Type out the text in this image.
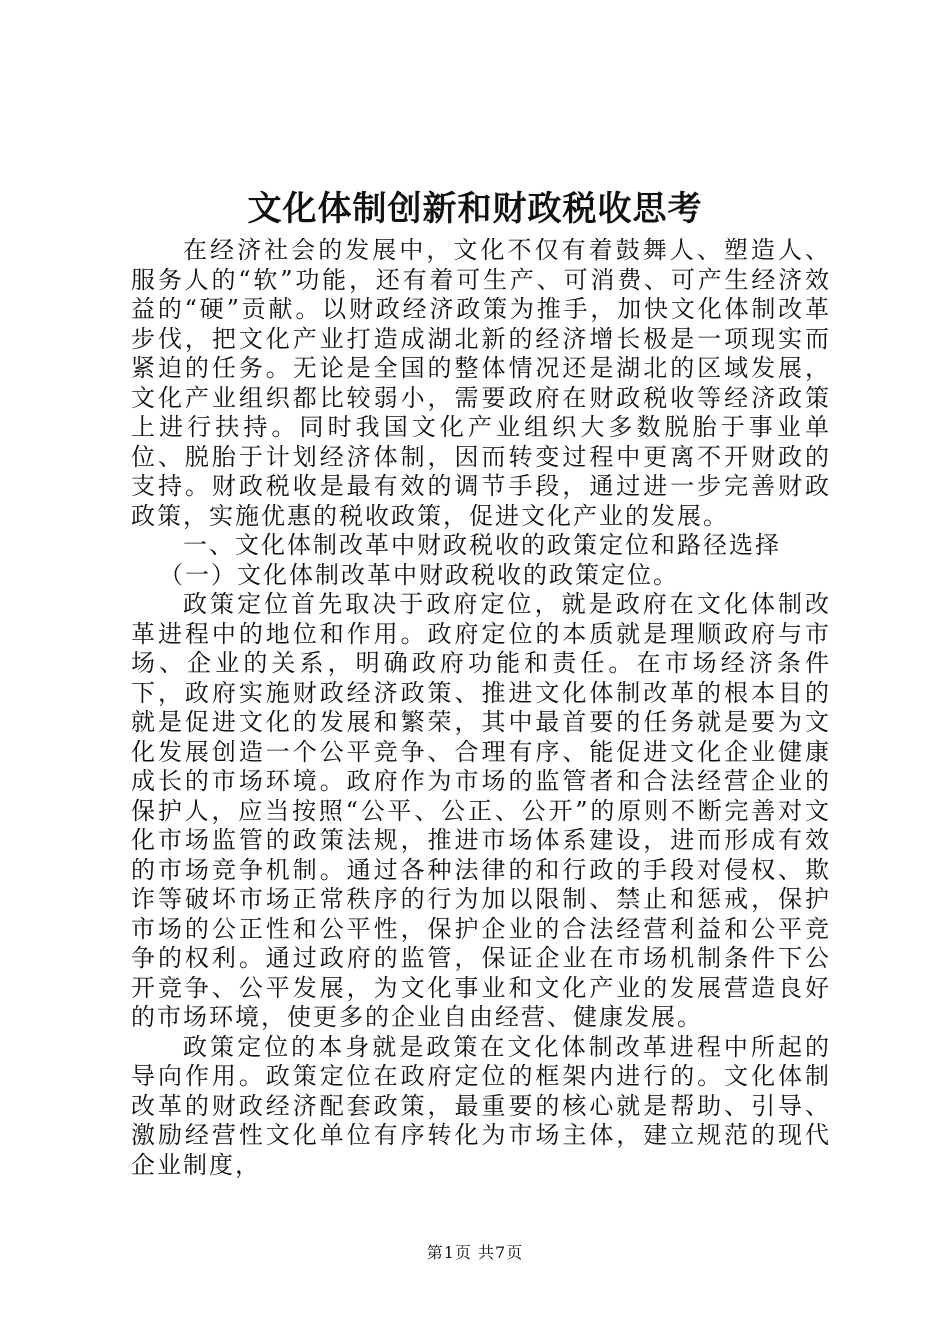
文化体制创新和财政税收思考

在经济社会的发展中，文化不仅有着鼓舞人、塑造人、服务人的“软”功能，还有着可生产、可消费、可产生经济效益的“硬”贡献。以财政经济政策为推手，加快文化体制改革步伐，把文化产业打造成湖北新的经济增长极是一项现实而紧迫的任务。无论是全国的整体情况还是湖北的区域发展，文化产业组织都比较弱小，需要政府在财政税收等经济政策上进行扶持。同时我国文化产业组织大多数脱胎于事业单位、脱胎于计划经济体制，因而转变过程中更离不开财政的支持。财政税收是最有效的调节手段，通过进一步完善财政政策，实施优惠的税收政策，促进文化产业的发展。

一、文化体制改革中财政税收的政策定位和路径选择

（一）文化体制改革中财政税收的政策定位。

政策定位首先取决于政府定位，就是政府在文化体制改革进程中的地位和作用。政府定位的本质就是理顺政府与市场、企业的关系，明确政府功能和责任。在市场经济条件下，政府实施财政经济政策、推进文化体制改革的根本目的就是促进文化的发展和繁荣，其中最首要的任务就是要为文化发展创造一个公平竞争、合理有序、能促进文化企业健康成长的市场环境。政府作为市场的监管者和合法经营企业的保护人，应当按照“公平、公正、公开”的原则不断完善对文化市场监管的政策法规，推进市场体系建设，进而形成有效的市场竞争机制。通过各种法律的和行政的手段对侵权、欺诈等破坏市场正常秩序的行为加以限制、禁止和惩戒，保护市场的公正性和公平性，保护企业的合法经营利益和公平竞争的权利。通过政府的监管，保证企业在市场机制条件下公开竞争、公平发展，为文化事业和文化产业的发展营造良好的市场环境，使更多的企业自由经营、健康发展。

政策定位的本身就是政策在文化体制改革进程中所起的导向作用。政策定位在政府定位的框架内进行的。文化体制改革的财政经济配套政策，最重要的核心就是帮助、引导、激励经营性文化单位有序转化为市场主体，建立规范的现代企业制度，

第1页 共7页
